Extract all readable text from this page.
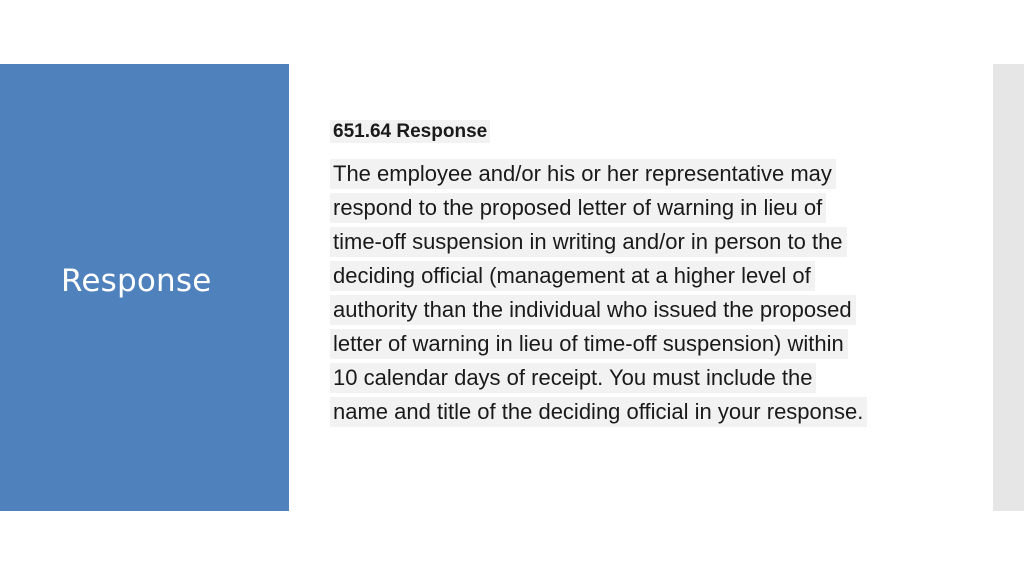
Response
651.64 Response
The employee and/or his or her representative may
respond to the proposed letter of warning in lieu of
time-off suspension in writing and/or in person to the
deciding official (management at a higher level of
authority than the individual who issued the proposed
letter of warning in lieu of time-off suspension) within
10 calendar days of receipt. You must include the
name and title of the deciding official in your response.
